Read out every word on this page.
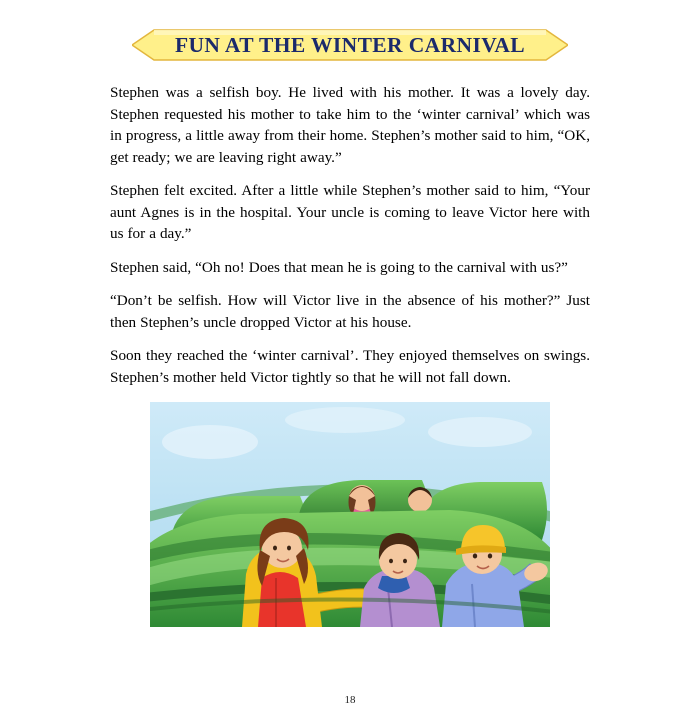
FUN AT THE WINTER CARNIVAL

Stephen was a selfish boy. He lived with his mother. It was a lovely day. Stephen requested his mother to take him to the ‘winter carnival’ which was in progress, a little away from their home. Stephen’s mother said to him, “OK, get ready; we are leaving right away.”

Stephen felt excited. After a little while Stephen’s mother said to him, “Your aunt Agnes is in the hospital. Your uncle is coming to leave Victor here with us for a day.”

Stephen said, “Oh no! Does that mean he is going to the carnival with us?”

“Don’t be selfish. How will Victor live in the absence of his mother?” Just then Stephen’s uncle dropped Victor at his house.

Soon they reached the ‘winter carnival’. They enjoyed themselves on swings. Stephen’s mother held Victor tightly so that he will not fall down.

18
